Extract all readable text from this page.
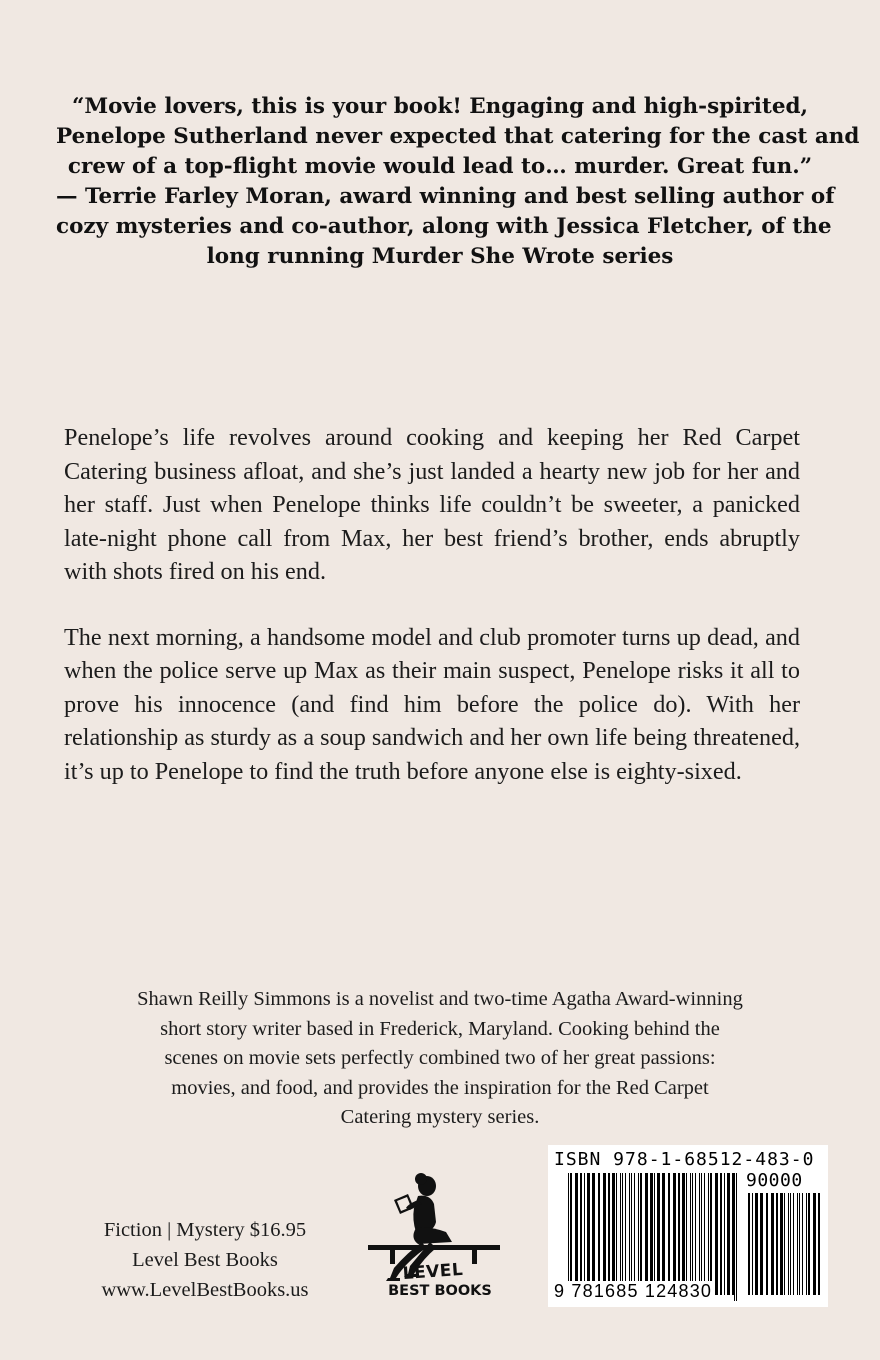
“Movie lovers, this is your book! Engaging and high-spirited,
Penelope Sutherland never expected that catering for the cast and
crew of a top-flight movie would lead to… murder. Great fun.”
— Terrie Farley Moran, award winning and best selling author of
cozy mysteries and co-author, along with Jessica Fletcher, of the
long running Murder She Wrote series

Penelope’s life revolves around cooking and keeping her Red Carpet Catering business afloat, and she’s just landed a hearty new job for her and her staff. Just when Penelope thinks life couldn’t be sweeter, a panicked late-night phone call from Max, her best friend’s brother, ends abruptly with shots fired on his end.

The next morning, a handsome model and club promoter turns up dead, and when the police serve up Max as their main suspect, Penelope risks it all to prove his innocence (and find him before the police do). With her relationship as sturdy as a soup sandwich and her own life being threatened, it’s up to Penelope to find the truth before anyone else is eighty-sixed.

Shawn Reilly Simmons is a novelist and two-time Agatha Award-winning
short story writer based in Frederick, Maryland. Cooking behind the
scenes on movie sets perfectly combined two of her great passions:
movies, and food, and provides the inspiration for the Red Carpet
Catering mystery series.
Fiction | Mystery $16.95
Level Best Books
www.LevelBestBooks.us
LEVEL
BEST BOOKS
ISBN 978-1-68512-483-0
90000
9 781685 124830
